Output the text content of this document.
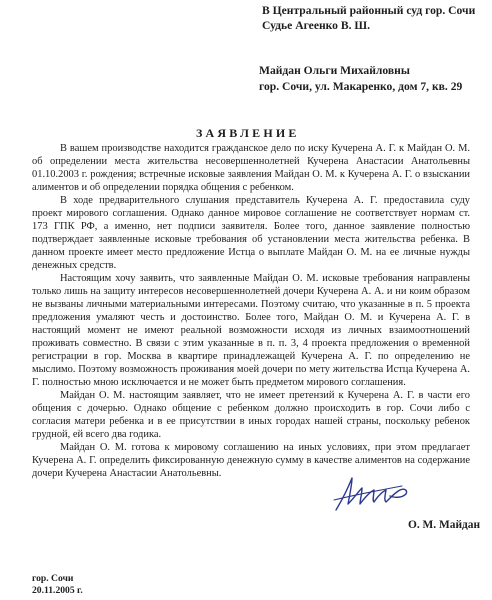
В Центральный районный суд гор. Сочи
Судье Агеенко В. Ш.
Майдан Ольги Михайловны
гор. Сочи, ул. Макаренко, дом 7, кв. 29
ЗАЯВЛЕНИЕ
В вашем производстве находится гражданское дело по иску Кучерена А. Г. к Майдан О. М.
об определении места жительства несовершеннолетней Кучерена Анастасии Анатольевны
01.10.2003 г. рождения; встречные исковые заявления Майдан О. М. к Кучерена А. Г. о взыскании
алиментов и об определении порядка общения с ребенком.
В ходе предварительного слушания представитель Кучерена А. Г. предоставила суду
проект мирового соглашения. Однако данное мировое соглашение не соответствует нормам ст.
173 ГПК РФ, а именно, нет подписи заявителя. Более того, данное заявление полностью
подтверждает заявленные исковые требования об установлении места жительства ребенка. В
данном проекте имеет место предложение Истца о выплате Майдан О. М. на ее личные нужды
денежных средств.
Настоящим хочу заявить, что заявленные Майдан О. М. исковые требования направлены
только лишь на защиту интересов несовершеннолетней дочери Кучерена А. А. и ни коим образом
не вызваны личными материальными интересами. Поэтому считаю, что указанные в п. 5 проекта
предложения умаляют честь и достоинство. Более того, Майдан О. М. и Кучерена А. Г. в
настоящий момент не имеют реальной возможности исходя из личных взаимоотношений
проживать совместно. В связи с этим указанные в п. п. 3, 4 проекта предложения о временной
регистрации в гор. Москва в квартире принадлежащей Кучерена А. Г. по определению не
мыслимо. Поэтому возможность проживания моей дочери по мету жительства Истца Кучерена А.
Г. полностью мною исключается и не может быть предметом мирового соглашения.
Майдан О. М. настоящим заявляет, что не имеет претензий к Кучерена А. Г. в части его
общения с дочерью. Однако общение с ребенком должно происходить в гор. Сочи либо с
согласия матери ребенка и в ее присутствии в иных городах нашей страны, поскольку ребенок
грудной, ей всего два годика.
Майдан О. М. готова к мировому соглашению на иных условиях, при этом предлагает
Кучерена А. Г. определить фиксированную денежную сумму в качестве алиментов на содержание
дочери Кучерена Анастасии Анатольевны.
О. М. Майдан
гор. Сочи
20.11.2005 г.
